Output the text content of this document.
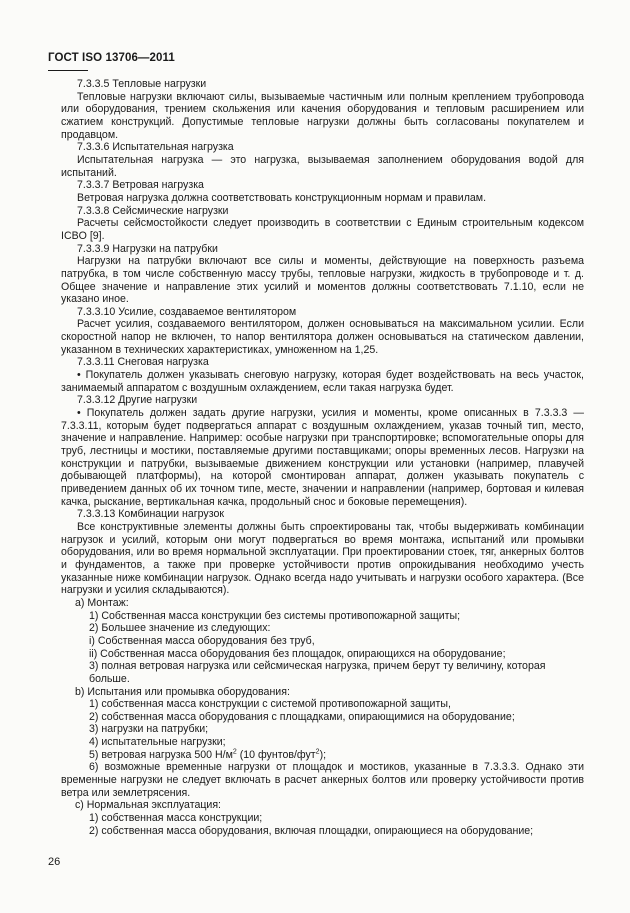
ГОСТ ISO 13706—2011

7.3.3.5 Тепловые нагрузки

Тепловые нагрузки включают силы, вызываемые частичным или полным креплением трубопровода или оборудования, трением скольжения или качения оборудования и тепловым расширением или сжатием конструкций. Допустимые тепловые нагрузки должны быть согласованы покупателем и продавцом.

7.3.3.6 Испытательная нагрузка

Испытательная нагрузка — это нагрузка, вызываемая заполнением оборудования водой для испытаний.

7.3.3.7 Ветровая нагрузка

Ветровая нагрузка должна соответствовать конструкционным нормам и правилам.

7.3.3.8 Сейсмические нагрузки

Расчеты сейсмостойкости следует производить в соответствии с Единым строительным кодексом ICBO [9].

7.3.3.9 Нагрузки на патрубки

Нагрузки на патрубки включают все силы и моменты, действующие на поверхность разъема патрубка, в том числе собственную массу трубы, тепловые нагрузки, жидкость в трубопроводе и т. д. Общее значение и направление этих усилий и моментов должны соответствовать 7.1.10, если не указано иное.

7.3.3.10 Усилие, создаваемое вентилятором

Расчет усилия, создаваемого вентилятором, должен основываться на максимальном усилии. Если скоростной напор не включен, то напор вентилятора должен основываться на статическом давлении, указанном в технических характеристиках, умноженном на 1,25.

7.3.3.11 Снеговая нагрузка

• Покупатель должен указывать снеговую нагрузку, которая будет воздействовать на весь участок, занимаемый аппаратом с воздушным охлаждением, если такая нагрузка будет.

7.3.3.12 Другие нагрузки

• Покупатель должен задать другие нагрузки, усилия и моменты, кроме описанных в 7.3.3.3 — 7.3.3.11, которым будет подвергаться аппарат с воздушным охлаждением, указав точный тип, место, значение и направление. Например: особые нагрузки при транспортировке; вспомогательные опоры для труб, лестницы и мостики, поставляемые другими поставщиками; опоры временных лесов. Нагрузки на конструкции и патрубки, вызываемые движением конструкции или установки (например, плавучей добывающей платформы), на которой смонтирован аппарат, должен указывать покупатель с приведением данных об их точном типе, месте, значении и направлении (например, бортовая и килевая качка, рыскание, вертикальная качка, продольный снос и боковые перемещения).

7.3.3.13 Комбинации нагрузок

Все конструктивные элементы должны быть спроектированы так, чтобы выдерживать комбинации нагрузок и усилий, которым они могут подвергаться во время монтажа, испытаний или промывки оборудования, или во время нормальной эксплуатации. При проектировании стоек, тяг, анкерных болтов и фундаментов, а также при проверке устойчивости против опрокидывания необходимо учесть указанные ниже комбинации нагрузок. Однако всегда надо учитывать и нагрузки особого характера. (Все нагрузки и усилия складываются).

a) Монтаж:

1) Собственная масса конструкции без системы противопожарной защиты;

2) Большее значение из следующих:

i) Собственная масса оборудования без труб,

ii) Собственная масса оборудования без площадок, опирающихся на оборудование;

3) полная ветровая нагрузка или сейсмическая нагрузка, причем берут ту величину, которая больше.

b) Испытания или промывка оборудования:

1) собственная масса конструкции с системой противопожарной защиты,

2) собственная масса оборудования с площадками, опирающимися на оборудование;

3) нагрузки на патрубки;

4) испытательные нагрузки;

5) ветровая нагрузка 500 $Н/м^2$ (10 фунтов/фут$^2$);

6) возможные временные нагрузки от площадок и мостиков, указанные в 7.3.3.3. Однако эти временные нагрузки не следует включать в расчет анкерных болтов или проверку устойчивости против ветра или землетрясения.

c) Нормальная эксплуатация:

1) собственная масса конструкции;

2) собственная масса оборудования, включая площадки, опирающиеся на оборудование;

26
